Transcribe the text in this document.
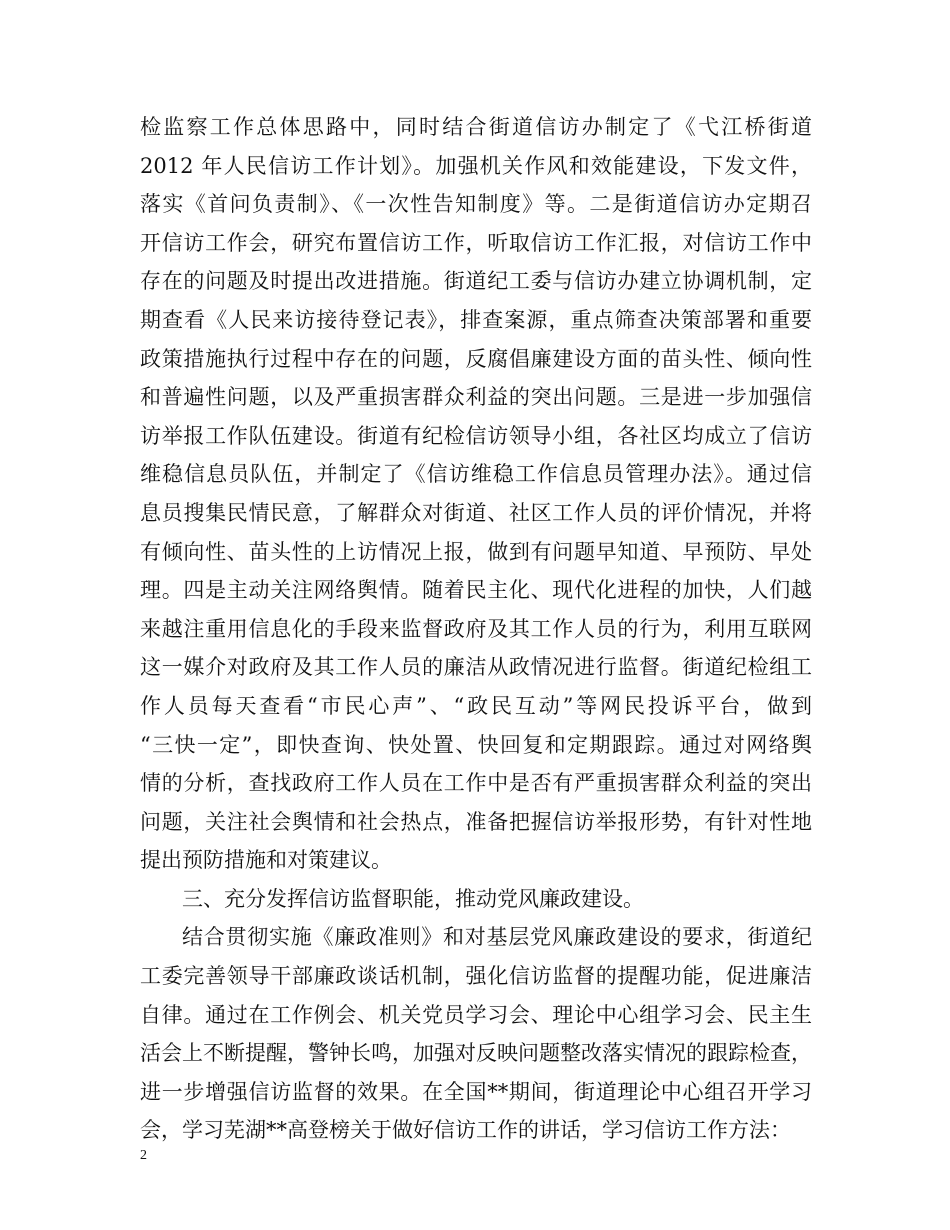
检监察工作总体思路中，同时结合街道信访办制定了《弋江桥街道
2012 年人民信访工作计划》。加强机关作风和效能建设，下发文件，
落实《首问负责制》、《一次性告知制度》等。二是街道信访办定期召
开信访工作会，研究布置信访工作，听取信访工作汇报，对信访工作中
存在的问题及时提出改进措施。街道纪工委与信访办建立协调机制，定
期查看《人民来访接待登记表》，排查案源，重点筛查决策部署和重要
政策措施执行过程中存在的问题，反腐倡廉建设方面的苗头性、倾向性
和普遍性问题，以及严重损害群众利益的突出问题。三是进一步加强信
访举报工作队伍建设。街道有纪检信访领导小组，各社区均成立了信访
维稳信息员队伍，并制定了《信访维稳工作信息员管理办法》。通过信
息员搜集民情民意，了解群众对街道、社区工作人员的评价情况，并将
有倾向性、苗头性的上访情况上报，做到有问题早知道、早预防、早处
理。四是主动关注网络舆情。随着民主化、现代化进程的加快，人们越
来越注重用信息化的手段来监督政府及其工作人员的行为，利用互联网
这一媒介对政府及其工作人员的廉洁从政情况进行监督。街道纪检组工
作人员每天查看“市民心声”、“政民互动”等网民投诉平台，做到
“三快一定”，即快查询、快处置、快回复和定期跟踪。通过对网络舆
情的分析，查找政府工作人员在工作中是否有严重损害群众利益的突出
问题，关注社会舆情和社会热点，准备把握信访举报形势，有针对性地
提出预防措施和对策建议。
三、充分发挥信访监督职能，推动党风廉政建设。
结合贯彻实施《廉政准则》和对基层党风廉政建设的要求，街道纪
工委完善领导干部廉政谈话机制，强化信访监督的提醒功能，促进廉洁
自律。通过在工作例会、机关党员学习会、理论中心组学习会、民主生
活会上不断提醒，警钟长鸣，加强对反映问题整改落实情况的跟踪检查，
进一步增强信访监督的效果。在全国**期间，街道理论中心组召开学习
会，学习芜湖**高登榜关于做好信访工作的讲话，学习信访工作方法：
2
